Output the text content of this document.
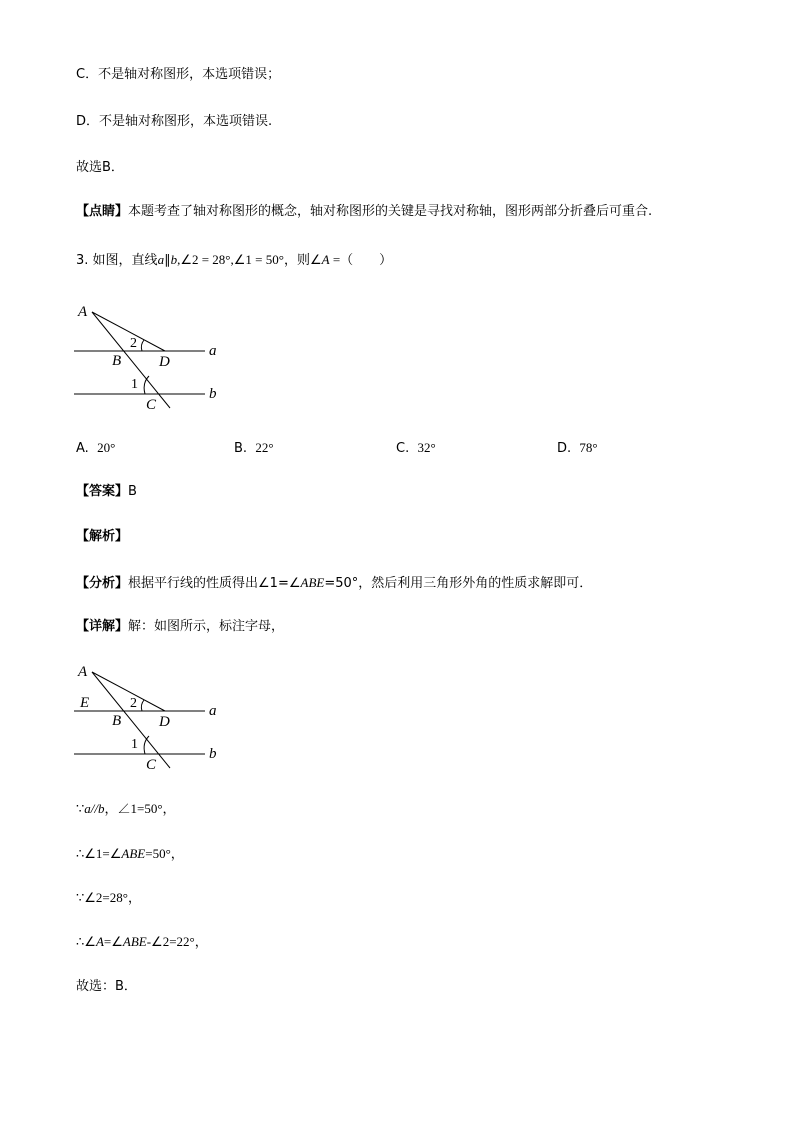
C．不是轴对称图形，本选项错误；
D．不是轴对称图形，本选项错误.
故选B．
【点睛】本题考查了轴对称图形的概念，轴对称图形的关键是寻找对称轴，图形两部分折叠后可重合.
3. 如图，直线a∥b,∠2 = 28°,∠1 = 50°，则∠A =（　　）
A
B	D
C
a
b
2
1
A. 20°	B. 22°	C. 32°	D. 78°
【答案】B
【解析】
【分析】根据平行线的性质得出∠1=∠ABE=50°，然后利用三角形外角的性质求解即可．
【详解】解：如图所示，标注字母，
A
E
B	D
C
a
b
2
1
∵a//b，∠1=50°，
∴∠1=∠ABE=50°，
∵∠2=28°，
∴∠A=∠ABE-∠2=22°，
故选：B．
